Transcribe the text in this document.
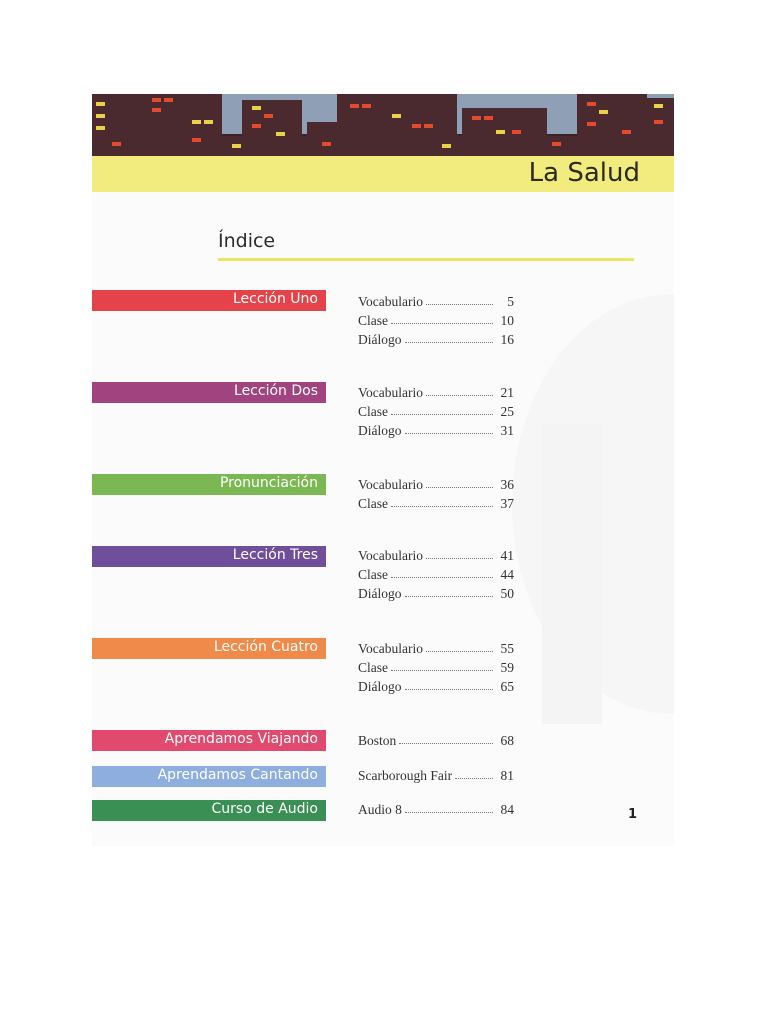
La Salud
Índice
Lección Uno	Vocabulario	5
Clase	10
Diálogo	16
Lección Dos	Vocabulario	21
Clase	25
Diálogo	31
Pronunciación	Vocabulario	36
Clase	37
Lección Tres	Vocabulario	41
Clase	44
Diálogo	50
Lección Cuatro	Vocabulario	55
Clase	59
Diálogo	65
Aprendamos Viajando	Boston	68
Aprendamos Cantando	Scarborough Fair	81
Curso de Audio	Audio 8	84	1
